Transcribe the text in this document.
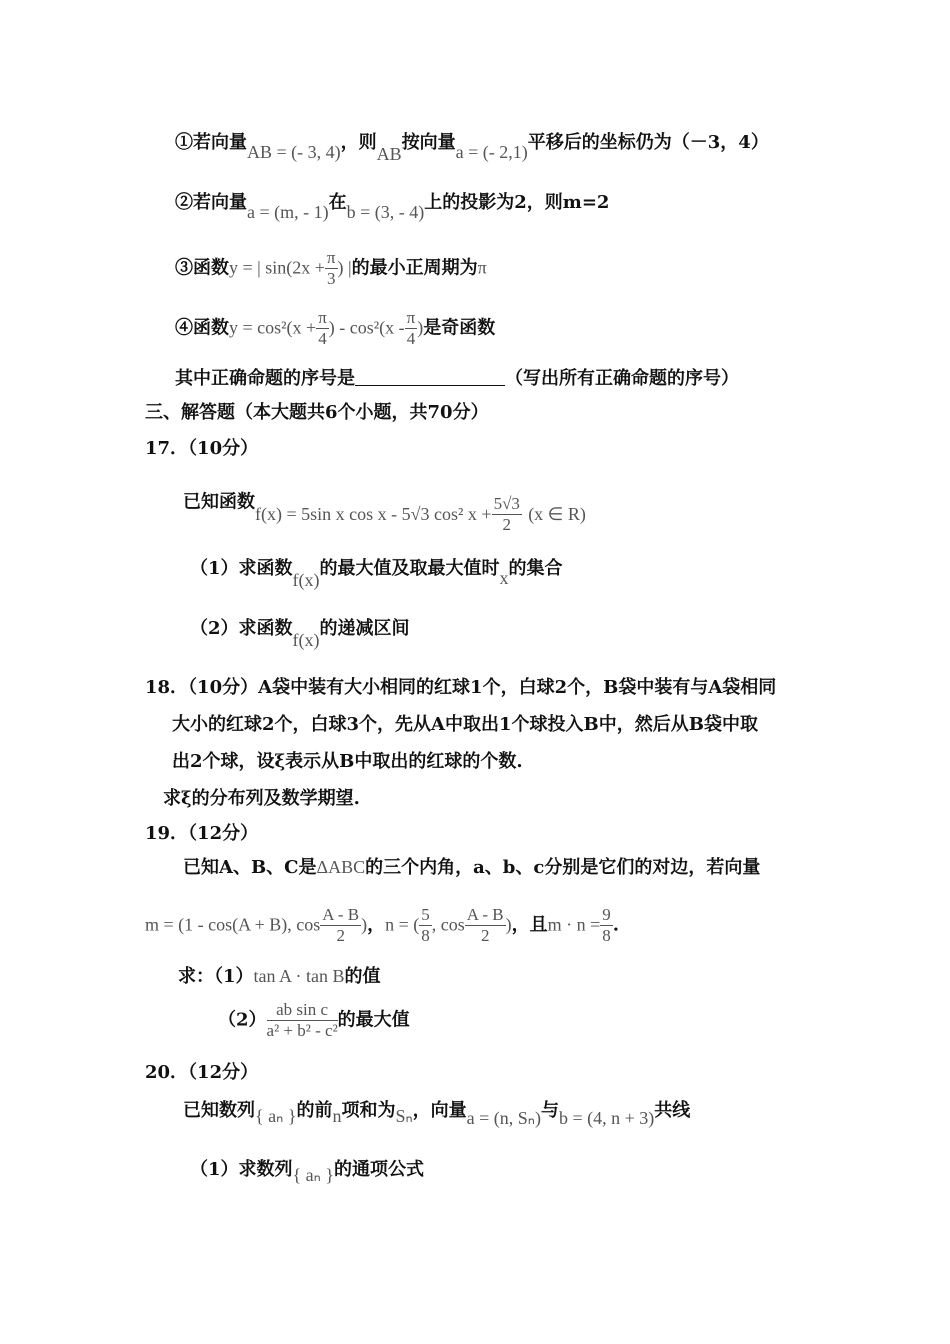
①若向量AB = (- 3, 4)，则AB按向量a = (- 2,1)平移后的坐标仍为（－3，4）
②若向量a = (m, - 1)在b = (3, - 4)上的投影为2，则m=2
③函数y = | $\sin(2x + \frac{\pi}{3}$ ) |的最小正周期为π
④函数$y = \cos^2(x + \frac{\pi}{4}$ ) - $\cos^2(x - \frac{\pi}{4}$ )是奇函数
其中正确命题的序号是	（写出所有正确命题的序号）
三、解答题（本大题共6个小题，共70分）
17．（10分）
已知函数f(x) = 5sin x cos x - 5√3 cos² $x + \frac{5√3}{2} (x$ ∈ R)
（1）求函数f(x)的最大值及取最大值时x的集合
（2）求函数f(x)的递减区间
18．（10分）A袋中装有大小相同的红球1个，白球2个，B袋中装有与A袋相同
大小的红球2个，白球3个，先从A中取出1个球投入B中，然后从B袋中取
出2个球，设ξ表示从B中取出的红球的个数.
求ξ的分布列及数学期望.
19．（12分）
已知A、B、C是ΔABC的三个内角，a、b、c分别是它们的对边，若向量
m = (1 - cos(A + B), $\cos \frac{A - B}{2}$ )，n = ( $\frac{5}{8}$ , $\cos \frac{A - B}{2}$ )，且$m \cdot n = \frac{9}{8}$ .
求：（1）tan A · tan B的值
$(2) \frac{\text{ab sin c}}{\text{a² + b² - c²}}$ 的最大值
20．（12分）
已知数列{ aₙ }的前n项和为Sₙ，向量a = (n, Sₙ)与b = (4, n + 3)共线
（1）求数列{ aₙ }的通项公式
